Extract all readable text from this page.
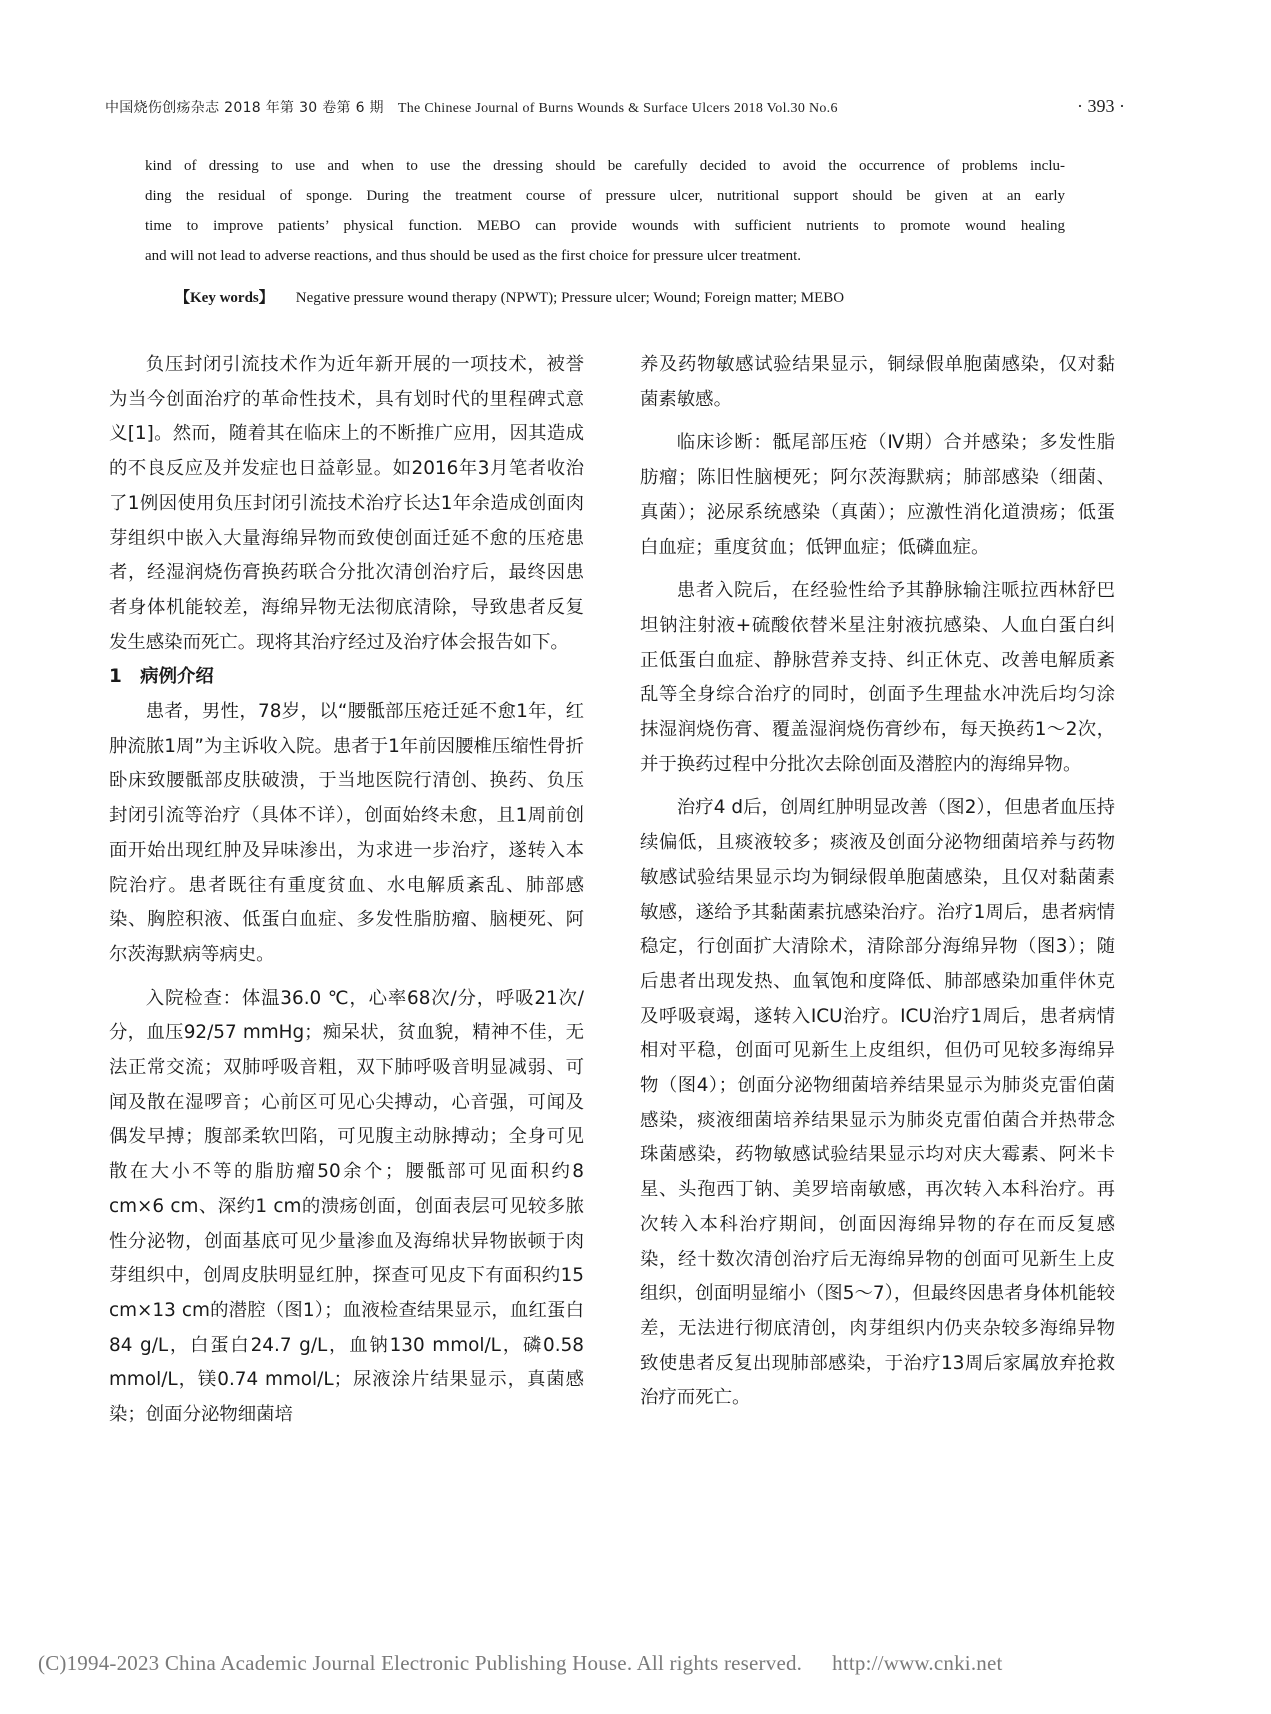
中国烧伤创疡杂志 2018 年第 30 卷第 6 期 The Chinese Journal of Burns Wounds & Surface Ulcers 2018 Vol.30 No.6	· 393 ·

kind of dressing to use and when to use the dressing should be carefully decided to avoid the occurrence of problems inclu-

ding the residual of sponge. During the treatment course of pressure ulcer, nutritional support should be given at an early

time to improve patients’ physical function. MEBO can provide wounds with sufficient nutrients to promote wound healing

and will not lead to adverse reactions, and thus should be used as the first choice for pressure ulcer treatment.

【Key words】 Negative pressure wound therapy (NPWT); Pressure ulcer; Wound; Foreign matter; MEBO

负压封闭引流技术作为近年新开展的一项技术，被誉为当今创面治疗的革命性技术，具有划时代的里程碑式意义[1]。然而，随着其在临床上的不断推广应用，因其造成的不良反应及并发症也日益彰显。如2016年3月笔者收治了1例因使用负压封闭引流技术治疗长达1年余造成创面肉芽组织中嵌入大量海绵异物而致使创面迁延不愈的压疮患者，经湿润烧伤膏换药联合分批次清创治疗后，最终因患者身体机能较差，海绵异物无法彻底清除，导致患者反复发生感染而死亡。现将其治疗经过及治疗体会报告如下。

1　病例介绍

患者，男性，78岁，以“腰骶部压疮迁延不愈1年，红肿流脓1周”为主诉收入院。患者于1年前因腰椎压缩性骨折卧床致腰骶部皮肤破溃，于当地医院行清创、换药、负压封闭引流等治疗（具体不详），创面始终未愈，且1周前创面开始出现红肿及异味渗出，为求进一步治疗，遂转入本院治疗。患者既往有重度贫血、水电解质紊乱、肺部感染、胸腔积液、低蛋白血症、多发性脂肪瘤、脑梗死、阿尔茨海默病等病史。

入院检查：体温36.0 ℃，心率68次/分，呼吸21次/分，血压92/57 mmHg；痴呆状，贫血貌，精神不佳，无法正常交流；双肺呼吸音粗，双下肺呼吸音明显减弱、可闻及散在湿啰音；心前区可见心尖搏动，心音强，可闻及偶发早搏；腹部柔软凹陷，可见腹主动脉搏动；全身可见散在大小不等的脂肪瘤50余个；腰骶部可见面积约8 cm×6 cm、深约1 cm的溃疡创面，创面表层可见较多脓性分泌物，创面基底可见少量渗血及海绵状异物嵌顿于肉芽组织中，创周皮肤明显红肿，探查可见皮下有面积约15 cm×13 cm的潜腔（图1）；血液检查结果显示，血红蛋白84 g/L，白蛋白24.7 g/L，血钠130 mmol/L，磷0.58 mmol/L，镁0.74 mmol/L；尿液涂片结果显示，真菌感染；创面分泌物细菌培

养及药物敏感试验结果显示，铜绿假单胞菌感染，仅对黏菌素敏感。

临床诊断：骶尾部压疮（Ⅳ期）合并感染；多发性脂肪瘤；陈旧性脑梗死；阿尔茨海默病；肺部感染（细菌、真菌）；泌尿系统感染（真菌）；应激性消化道溃疡；低蛋白血症；重度贫血；低钾血症；低磷血症。

患者入院后，在经验性给予其静脉输注哌拉西林舒巴坦钠注射液+硫酸依替米星注射液抗感染、人血白蛋白纠正低蛋白血症、静脉营养支持、纠正休克、改善电解质紊乱等全身综合治疗的同时，创面予生理盐水冲洗后均匀涂抹湿润烧伤膏、覆盖湿润烧伤膏纱布，每天换药1～2次，并于换药过程中分批次去除创面及潜腔内的海绵异物。

治疗4 d后，创周红肿明显改善（图2），但患者血压持续偏低，且痰液较多；痰液及创面分泌物细菌培养与药物敏感试验结果显示均为铜绿假单胞菌感染，且仅对黏菌素敏感，遂给予其黏菌素抗感染治疗。治疗1周后，患者病情稳定，行创面扩大清除术，清除部分海绵异物（图3）；随后患者出现发热、血氧饱和度降低、肺部感染加重伴休克及呼吸衰竭，遂转入ICU治疗。ICU治疗1周后，患者病情相对平稳，创面可见新生上皮组织，但仍可见较多海绵异物（图4）；创面分泌物细菌培养结果显示为肺炎克雷伯菌感染，痰液细菌培养结果显示为肺炎克雷伯菌合并热带念珠菌感染，药物敏感试验结果显示均对庆大霉素、阿米卡星、头孢西丁钠、美罗培南敏感，再次转入本科治疗。再次转入本科治疗期间，创面因海绵异物的存在而反复感染，经十数次清创治疗后无海绵异物的创面可见新生上皮组织，创面明显缩小（图5～7），但最终因患者身体机能较差，无法进行彻底清创，肉芽组织内仍夹杂较多海绵异物致使患者反复出现肺部感染，于治疗13周后家属放弃抢救治疗而死亡。

(C)1994-2023 China Academic Journal Electronic Publishing House. All rights reserved. http://www.cnki.net
